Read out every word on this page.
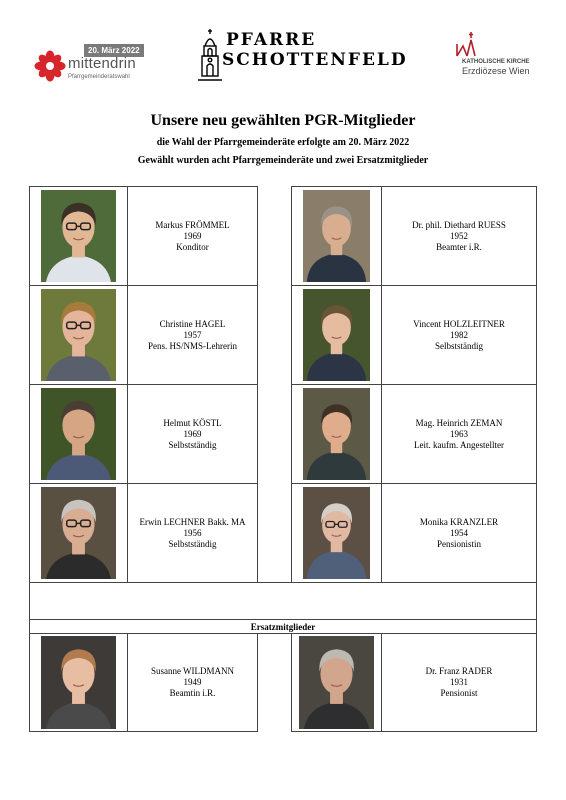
20. März 2022
mittendrin
Pfarrgemeinderatswahl
PFARRE
SCHOTTENFELD	KATHOLISCHE KIRCHE
Erzdiözese Wien
Unsere neu gewählten PGR-Mitglieder
die Wahl der Pfarrgemeinderäte erfolgte am 20. März 2022
Gewählt wurden acht Pfarrgemeinderäte und zwei Ersatzmitglieder
Markus FRÖMMEL
1969
Konditor
Dr. phil. Diethard RUESS
1952
Beamter i.R.
Christine HAGEL
1957
Pens. HS/NMS-Lehrerin
Vincent HOLZLEITNER
1982
Selbstständig
Helmut KÖSTL
1969
Selbstständig
Mag. Heinrich ZEMAN
1963
Leit. kaufm. Angestellter
Erwin LECHNER Bakk. MA
1956
Selbstständig
Monika KRANZLER
1954
Pensionistin
Ersatzmitglieder
Susanne WILDMANN
1949
Beamtin i.R.
Dr. Franz RADER
1931
Pensionist
